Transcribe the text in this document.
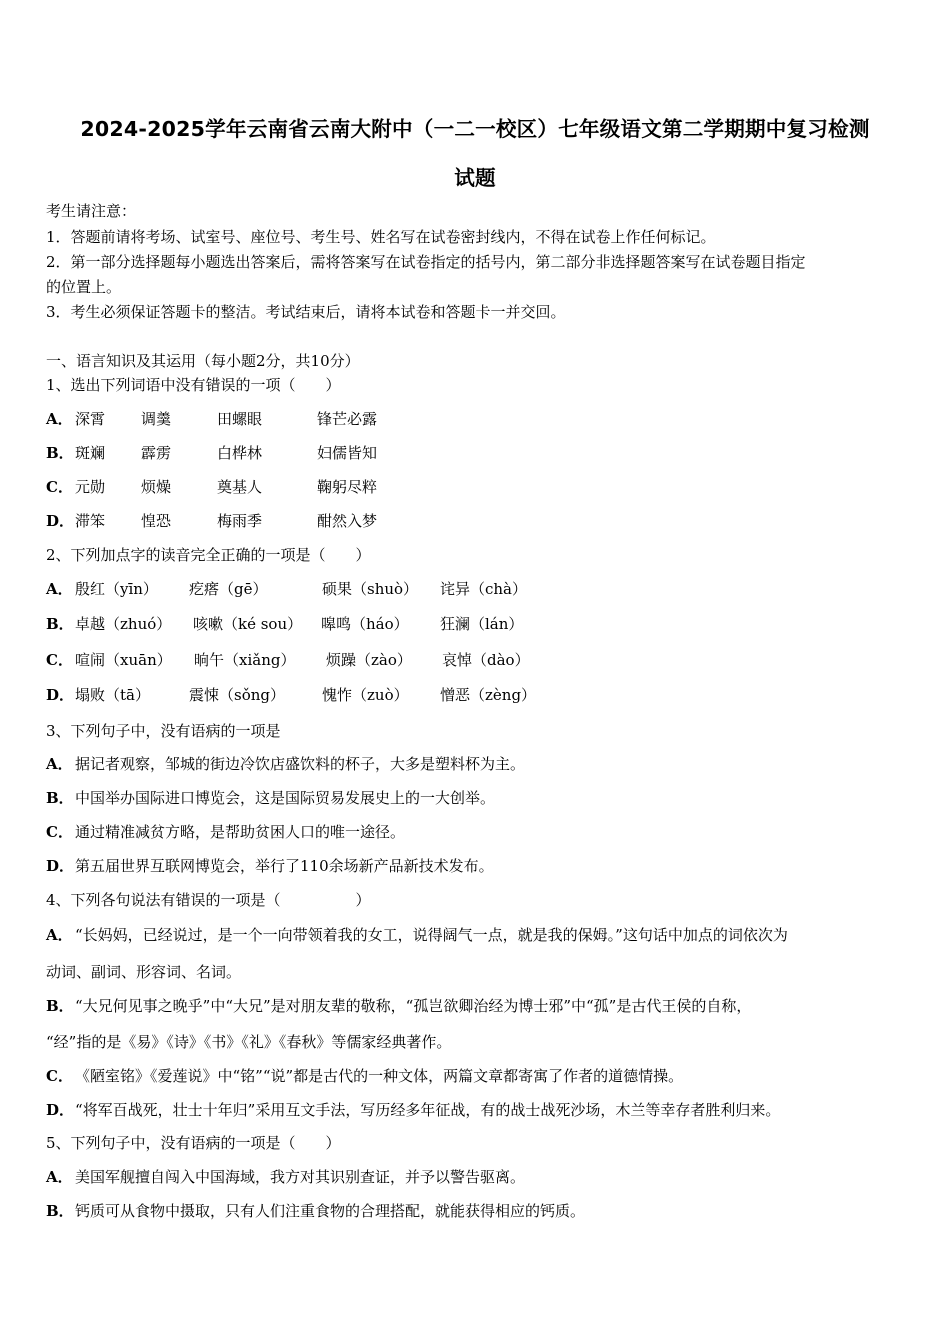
2024-2025学年云南省云南大附中（一二一校区）七年级语文第二学期期中复习检测
试题
考生请注意：
1．答题前请将考场、试室号、座位号、考生号、姓名写在试卷密封线内，不得在试卷上作任何标记。
2．第一部分选择题每小题选出答案后，需将答案写在试卷指定的括号内，第二部分非选择题答案写在试卷题目指定
的位置上。
3．考生必须保证答题卡的整洁。考试结束后，请将本试卷和答题卡一并交回。
一、语言知识及其运用（每小题2分，共10分）
1、选出下列词语中没有错误的一项（　　）
A． 深霄 调羹	田螺眼	锋芒必露
B． 斑斓 霹雳	白桦林	妇儒皆知
C． 元勋 烦燥	奠基人	鞠躬尽粹
D． 滞笨 惶恐	梅雨季	酣然入梦
2、下列加点字的读音完全正确的一项是（　　）
A． 殷红（yīn） 疙瘩（gē）	硕果（shuò） 诧异（chà）
B． 卓越（zhuó） 咳嗽（ké sou） 嗥鸣（háo） 狂澜（lán）
C． 喧闹（xuān） 晌午（xiǎng） 烦躁（zào） 哀悼（dào）
D． 塌败（tā）	震悚（sǒng） 愧怍（zuò） 憎恶（zèng）
3、下列句子中，没有语病的一项是
A． 据记者观察，邹城的街边冷饮店盛饮料的杯子，大多是塑料杯为主。
B． 中国举办国际进口博览会，这是国际贸易发展史上的一大创举。
C． 通过精准减贫方略，是帮助贫困人口的唯一途径。
D． 第五届世界互联网博览会，举行了110余场新产品新技术发布。
4、下列各句说法有错误的一项是（　　　　　）
A． “长妈妈，已经说过，是一个一向带领着我的女工，说得阔气一点，就是我的保姆。”这句话中加点的词依次为
动词、副词、形容词、名词。
B． “大兄何见事之晚乎”中“大兄”是对朋友辈的敬称，“孤岂欲卿治经为博士邪”中“孤”是古代王侯的自称，
“经”指的是《易》《诗》《书》《礼》《春秋》等儒家经典著作。
C． 《陋室铭》《爱莲说》中“铭”“说”都是古代的一种文体，两篇文章都寄寓了作者的道德情操。
D． “将军百战死，壮士十年归”采用互文手法，写历经多年征战，有的战士战死沙场，木兰等幸存者胜利归来。
5、下列句子中，没有语病的一项是（　　）
A． 美国军舰擅自闯入中国海域，我方对其识别查证，并予以警告驱离。
B． 钙质可从食物中摄取，只有人们注重食物的合理搭配，就能获得相应的钙质。
